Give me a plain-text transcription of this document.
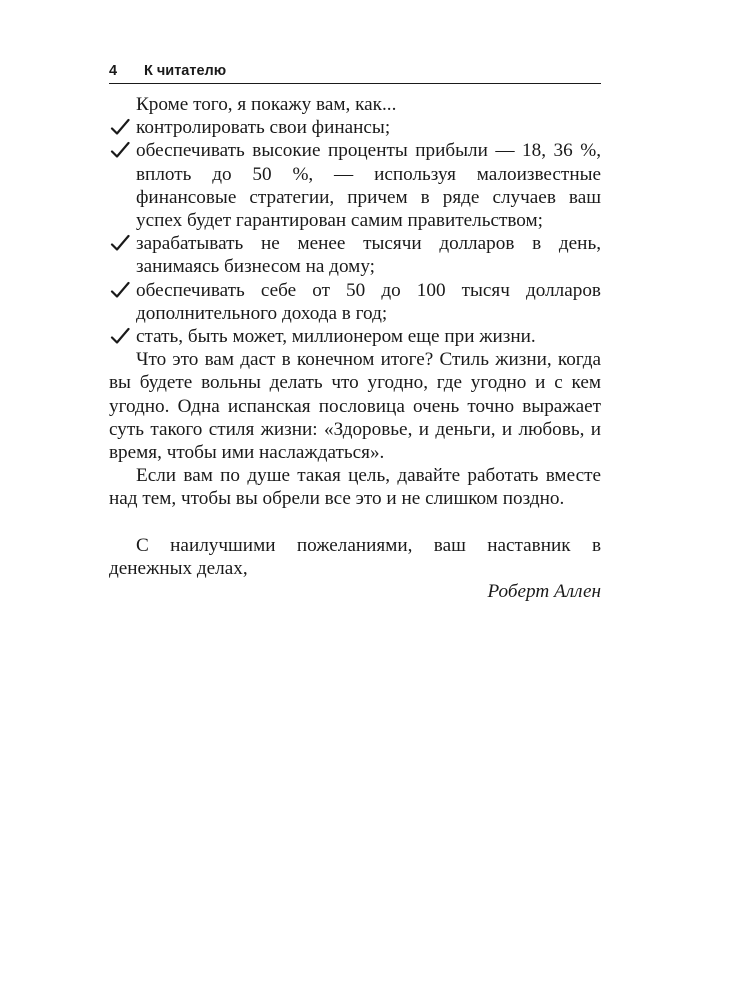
4 К читателю

Кроме того, я покажу вам, как...

контролировать свои финансы;
обеспечивать высокие проценты прибыли — 18, 36 %, вплоть до 50 %, — используя малоизвестные финансовые стратегии, причем в ряде случаев ваш успех будет гарантирован самим правительством;
зарабатывать не менее тысячи долларов в день, занимаясь бизнесом на дому;
обеспечивать себе от 50 до 100 тысяч долларов дополнительного дохода в год;
стать, быть может, миллионером еще при жизни.

Что это вам даст в конечном итоге? Стиль жизни, когда вы будете вольны делать что угодно, где угодно и с кем угодно. Одна испанская пословица очень точно выражает суть такого стиля жизни: «Здоровье, и деньги, и любовь, и время, чтобы ими наслаждаться».

Если вам по душе такая цель, давайте работать вместе над тем, чтобы вы обрели все это и не слишком поздно.

С наилучшими пожеланиями, ваш наставник в денежных делах,

Роберт Аллен
